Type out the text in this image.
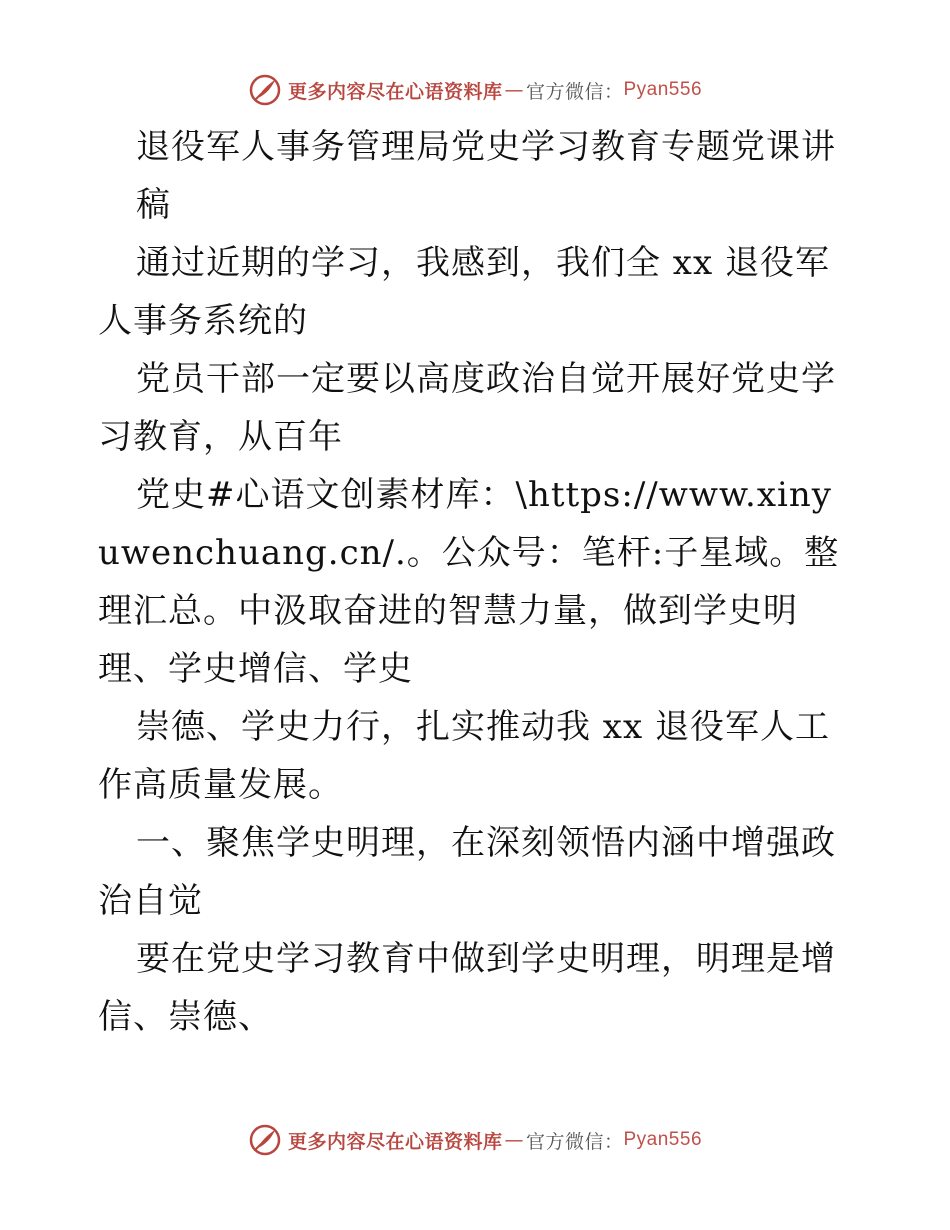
更多内容尽在心语资料库 — 官方微信： Pyan556

退役军人事务管理局党史学习教育专题党课讲稿

通过近期的学习，我感到，我们全 xx 退役军人事务系统的

党员干部一定要以高度政治自觉开展好党史学习教育，从百年

党史#心语文创素材库：\https://www.xinyuwenchuang.cn/.。公众号：笔杆:子星域。整理汇总。中汲取奋进的智慧力量，做到学史明理、学史增信、学史

崇德、学史力行，扎实推动我 xx 退役军人工作高质量发展。

一、聚焦学史明理，在深刻领悟内涵中增强政治自觉

要在党史学习教育中做到学史明理，明理是增信、崇德、

更多内容尽在心语资料库 — 官方微信： Pyan556
